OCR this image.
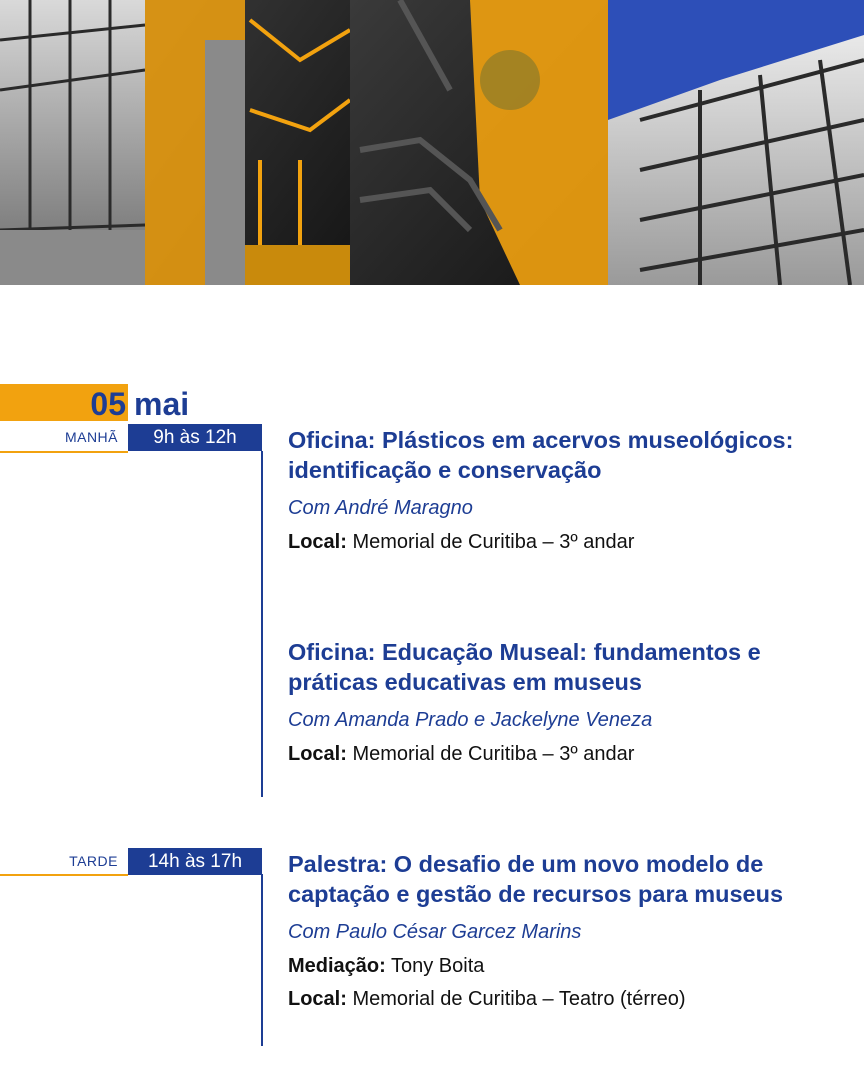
05 mai
MANHÃ	9h às 12h	Oficina: Plásticos em acervos museológicos: identificação e conservação

Com André Maragno
Local: Memorial de Curitiba – 3º andar

Oficina: Educação Museal: fundamentos e práticas educativas em museus

Com Amanda Prado e Jackelyne Veneza
Local: Memorial de Curitiba – 3º andar
TARDE	14h às 17h	Palestra: O desafio de um novo modelo de captação e gestão de recursos para museus

Com Paulo César Garcez Marins
Mediação: Tony Boita
Local: Memorial de Curitiba – Teatro (térreo)
